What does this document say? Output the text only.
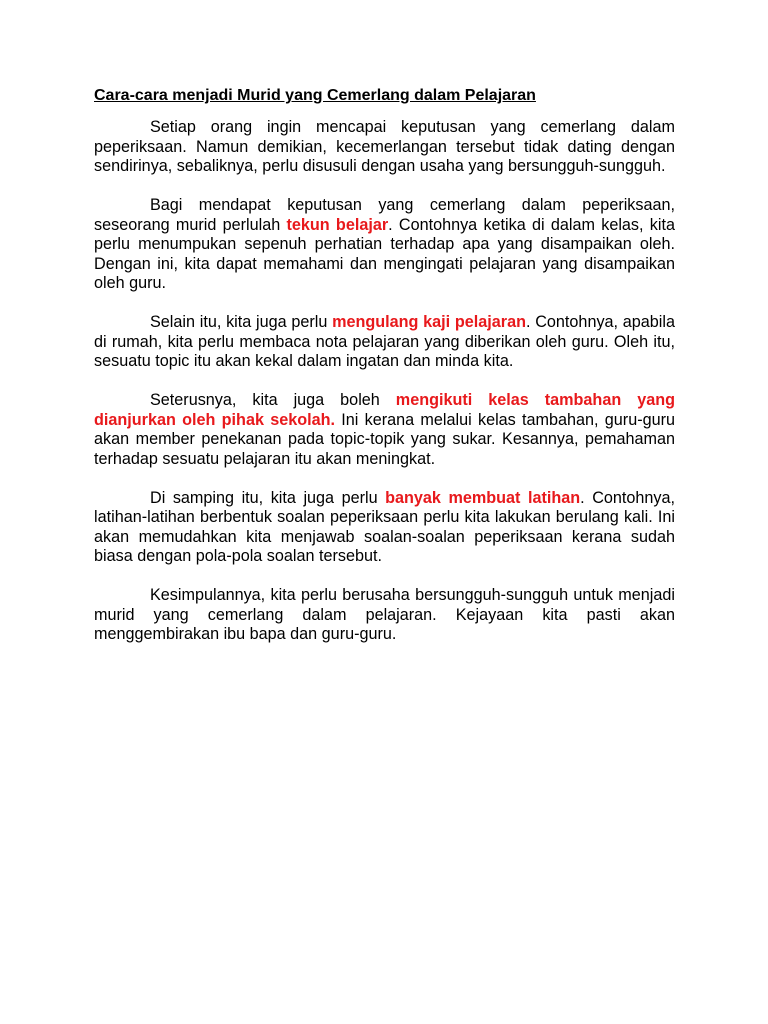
Cara-cara menjadi Murid yang Cemerlang dalam Pelajaran

Setiap orang ingin mencapai keputusan yang cemerlang dalam peperiksaan. Namun demikian, kecemerlangan tersebut tidak dating dengan sendirinya, sebaliknya, perlu disusuli dengan usaha yang bersungguh-sungguh.

Bagi mendapat keputusan yang cemerlang dalam peperiksaan, seseorang murid perlulah tekun belajar. Contohnya ketika di dalam kelas, kita perlu menumpukan sepenuh perhatian terhadap apa yang disampaikan oleh. Dengan ini, kita dapat memahami dan mengingati pelajaran yang disampaikan oleh guru.

Selain itu, kita juga perlu mengulang kaji pelajaran. Contohnya, apabila di rumah, kita perlu membaca nota pelajaran yang diberikan oleh guru. Oleh itu, sesuatu topic itu akan kekal dalam ingatan dan minda kita.

Seterusnya, kita juga boleh mengikuti kelas tambahan yang dianjurkan oleh pihak sekolah. Ini kerana melalui kelas tambahan, guru-guru akan member penekanan pada topic-topik yang sukar. Kesannya, pemahaman terhadap sesuatu pelajaran itu akan meningkat.

Di samping itu, kita juga perlu banyak membuat latihan. Contohnya, latihan-latihan berbentuk soalan peperiksaan perlu kita lakukan berulang kali. Ini akan memudahkan kita menjawab soalan-soalan peperiksaan kerana sudah biasa dengan pola-pola soalan tersebut.

Kesimpulannya, kita perlu berusaha bersungguh-sungguh untuk menjadi murid yang cemerlang dalam pelajaran. Kejayaan kita pasti akan menggembirakan ibu bapa dan guru-guru.
